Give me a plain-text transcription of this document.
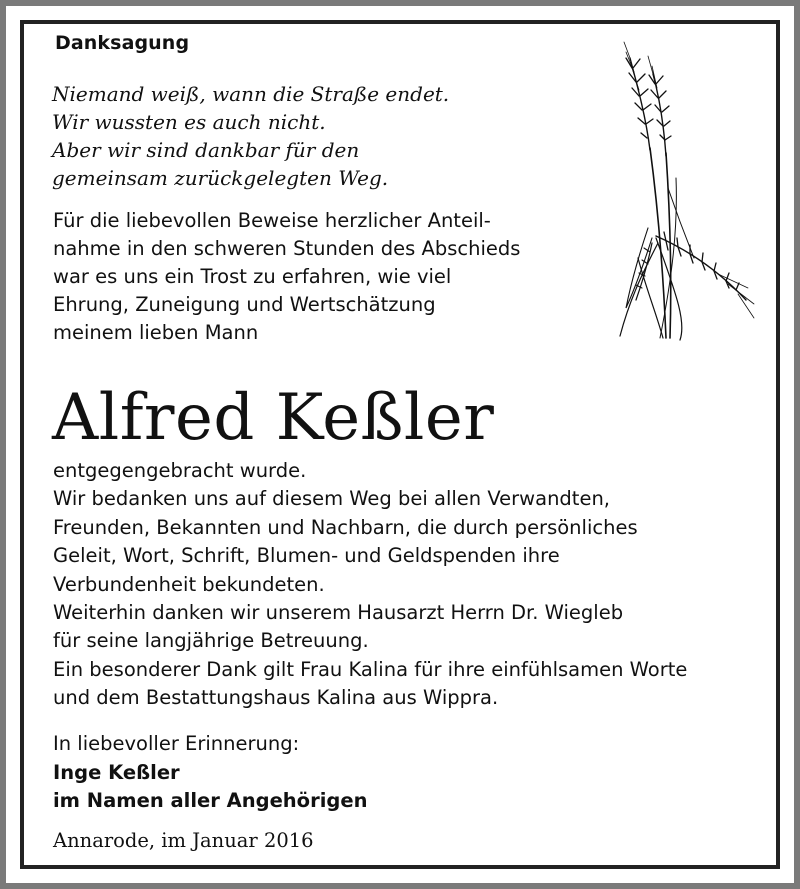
Danksagung
Niemand weiß, wann die Straße endet.
Wir wussten es auch nicht.
Aber wir sind dankbar für den
gemeinsam zurückgelegten Weg.
Für die liebevollen Beweise herzlicher Anteil-
nahme in den schweren Stunden des Abschieds
war es uns ein Trost zu erfahren, wie viel
Ehrung, Zuneigung und Wertschätzung
meinem lieben Mann
Alfred Keßler
entgegengebracht wurde.
Wir bedanken uns auf diesem Weg bei allen Verwandten,
Freunden, Bekannten und Nachbarn, die durch persönliches
Geleit, Wort, Schrift, Blumen- und Geldspenden ihre
Verbundenheit bekundeten.
Weiterhin danken wir unserem Hausarzt Herrn Dr. Wiegleb
für seine langjährige Betreuung.
Ein besonderer Dank gilt Frau Kalina für ihre einfühlsamen Worte
und dem Bestattungshaus Kalina aus Wippra.
In liebevoller Erinnerung:
Inge Keßler
im Namen aller Angehörigen
Annarode, im Januar 2016
